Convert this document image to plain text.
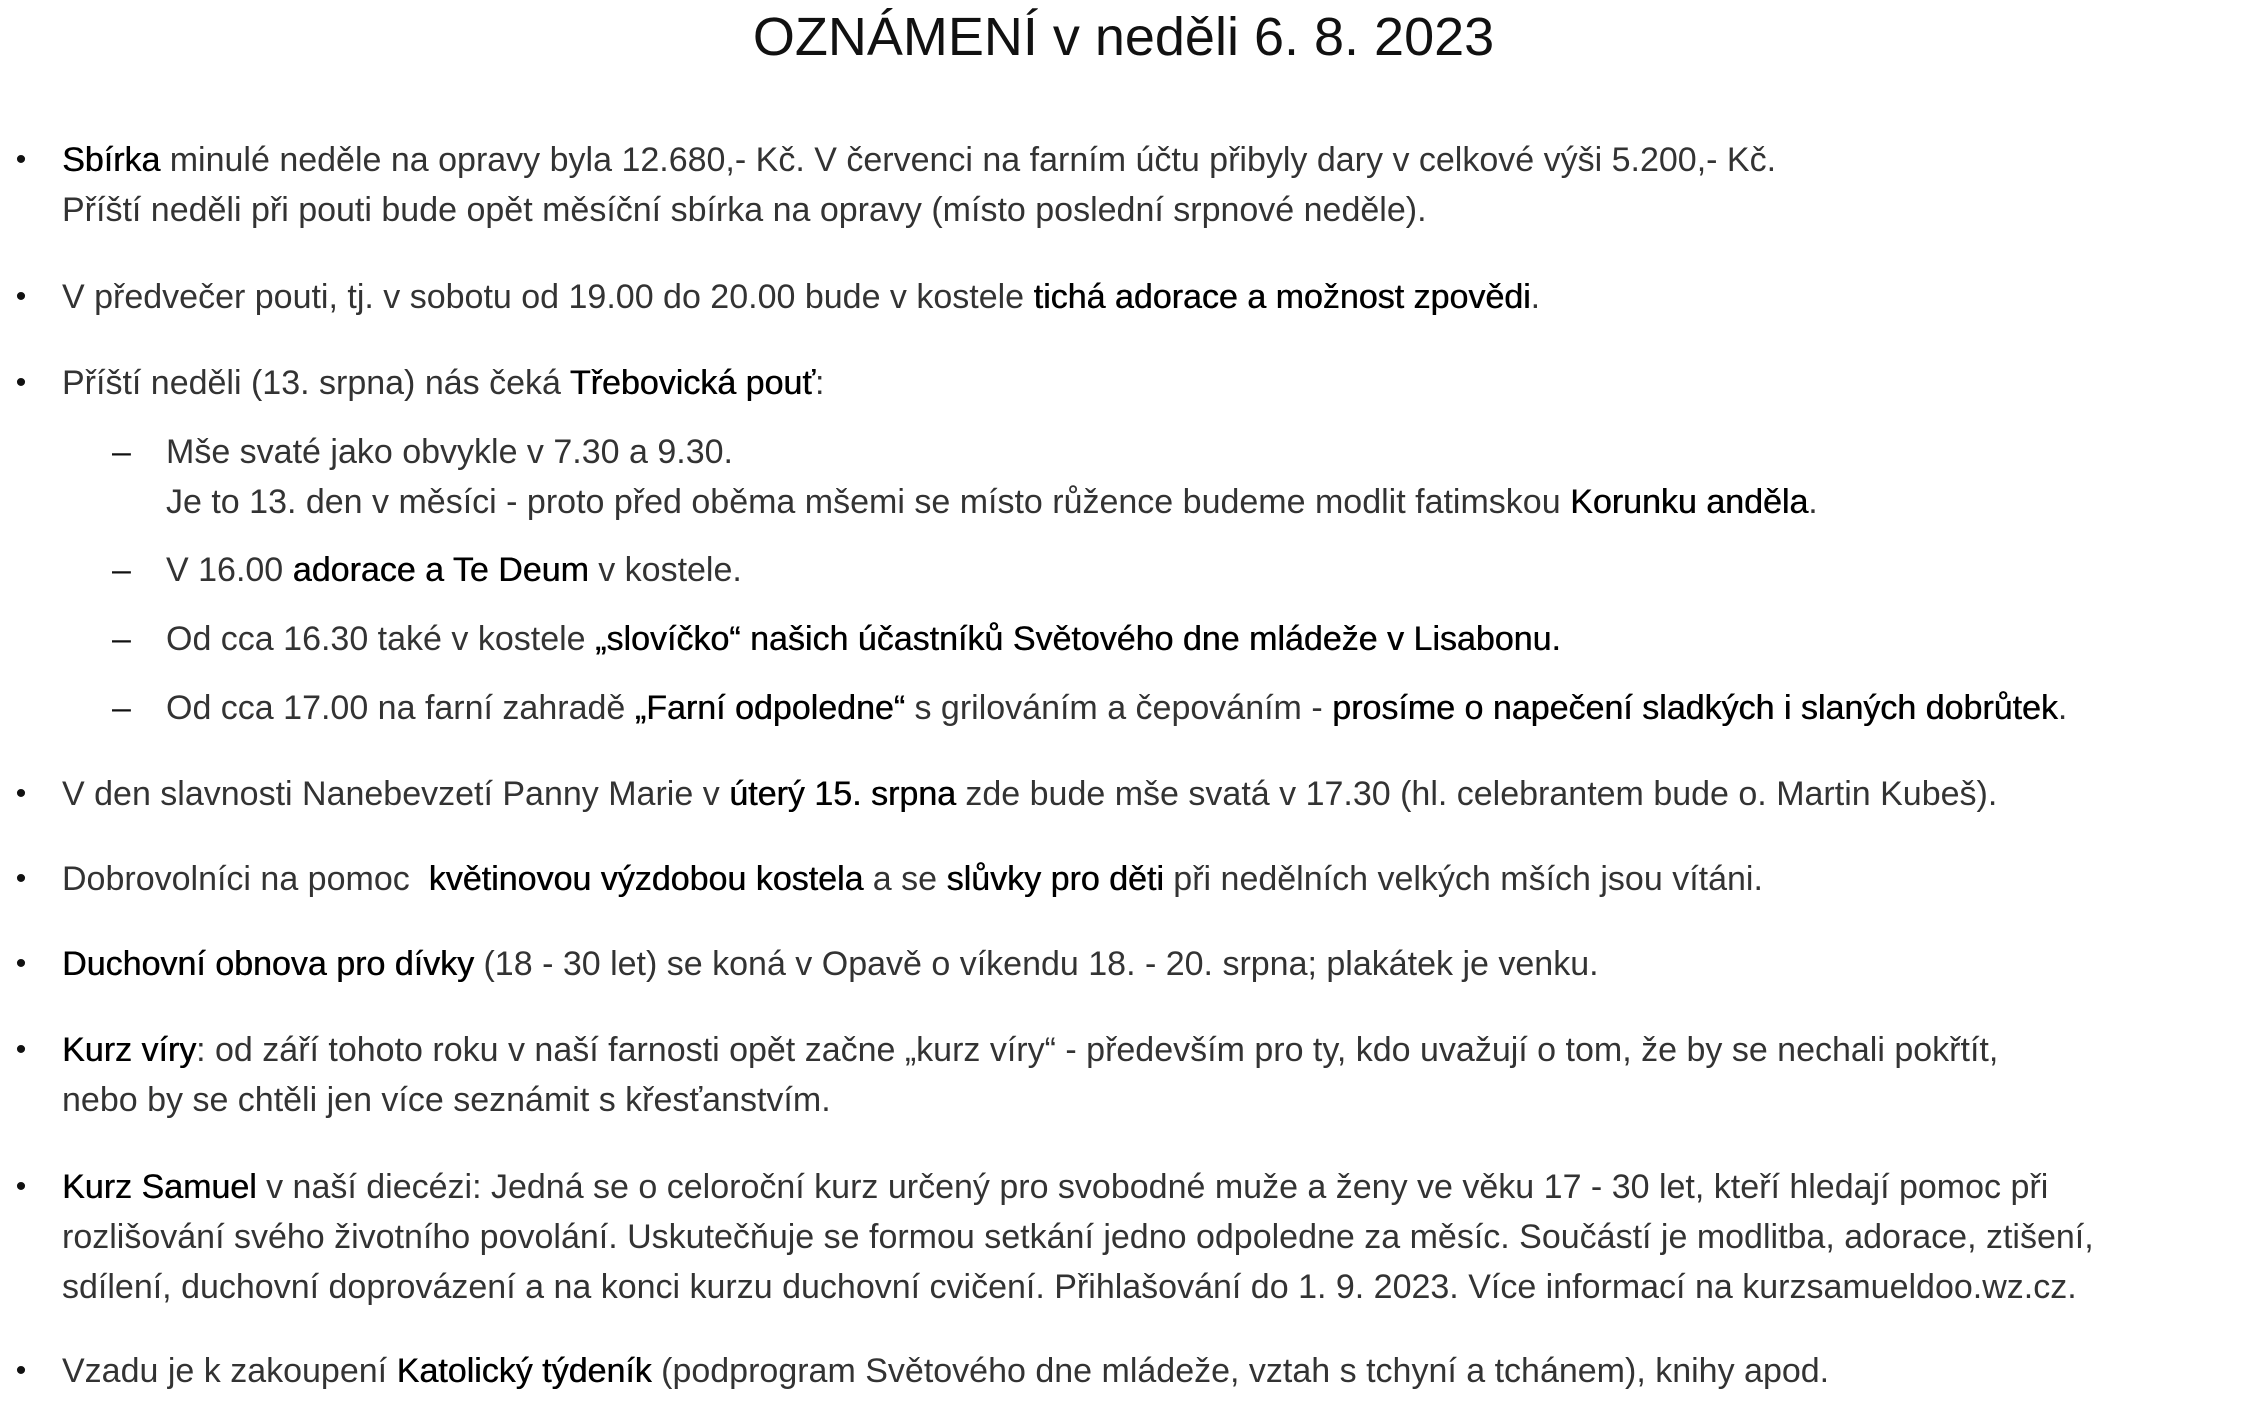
OZNÁMENÍ v neděli 6. 8. 2023
• Sbírka minulé neděle na opravy byla 12.680,- Kč. V červenci na farním účtu přibyly dary v celkové výši 5.200,- Kč.
Příští neděli při pouti bude opět měsíční sbírka na opravy (místo poslední srpnové neděle).
• V předvečer pouti, tj. v sobotu od 19.00 do 20.00 bude v kostele tichá adorace a možnost zpovědi.
• Příští neděli (13. srpna) nás čeká Třebovická pouť:
– Mše svaté jako obvykle v 7.30 a 9.30.
Je to 13. den v měsíci - proto před oběma mšemi se místo růžence budeme modlit fatimskou Korunku anděla.
– V 16.00 adorace a Te Deum v kostele.
– Od cca 16.30 také v kostele „slovíčko“ našich účastníků Světového dne mládeže v Lisabonu.
– Od cca 17.00 na farní zahradě „Farní odpoledne“ s grilováním a čepováním - prosíme o napečení sladkých i slaných dobrůtek.
• V den slavnosti Nanebevzetí Panny Marie v úterý 15. srpna zde bude mše svatá v 17.30 (hl. celebrantem bude o. Martin Kubeš).
• Dobrovolníci na pomoc  květinovou výzdobou kostela a se slůvky pro děti při nedělních velkých mších jsou vítáni.
• Duchovní obnova pro dívky (18 - 30 let) se koná v Opavě o víkendu 18. - 20. srpna; plakátek je venku.
• Kurz víry: od září tohoto roku v naší farnosti opět začne „kurz víry“ - především pro ty, kdo uvažují o tom, že by se nechali pokřtít,
nebo by se chtěli jen více seznámit s křesťanstvím.
• Kurz Samuel v naší diecézi: Jedná se o celoroční kurz určený pro svobodné muže a ženy ve věku 17 - 30 let, kteří hledají pomoc při
rozlišování svého životního povolání. Uskutečňuje se formou setkání jedno odpoledne za měsíc. Součástí je modlitba, adorace, ztišení,
sdílení, duchovní doprovázení a na konci kurzu duchovní cvičení. Přihlašování do 1. 9. 2023. Více informací na kurzsamueldoo.wz.cz.
• Vzadu je k zakoupení Katolický týdeník (podprogram Světového dne mládeže, vztah s tchyní a tchánem), knihy apod.
